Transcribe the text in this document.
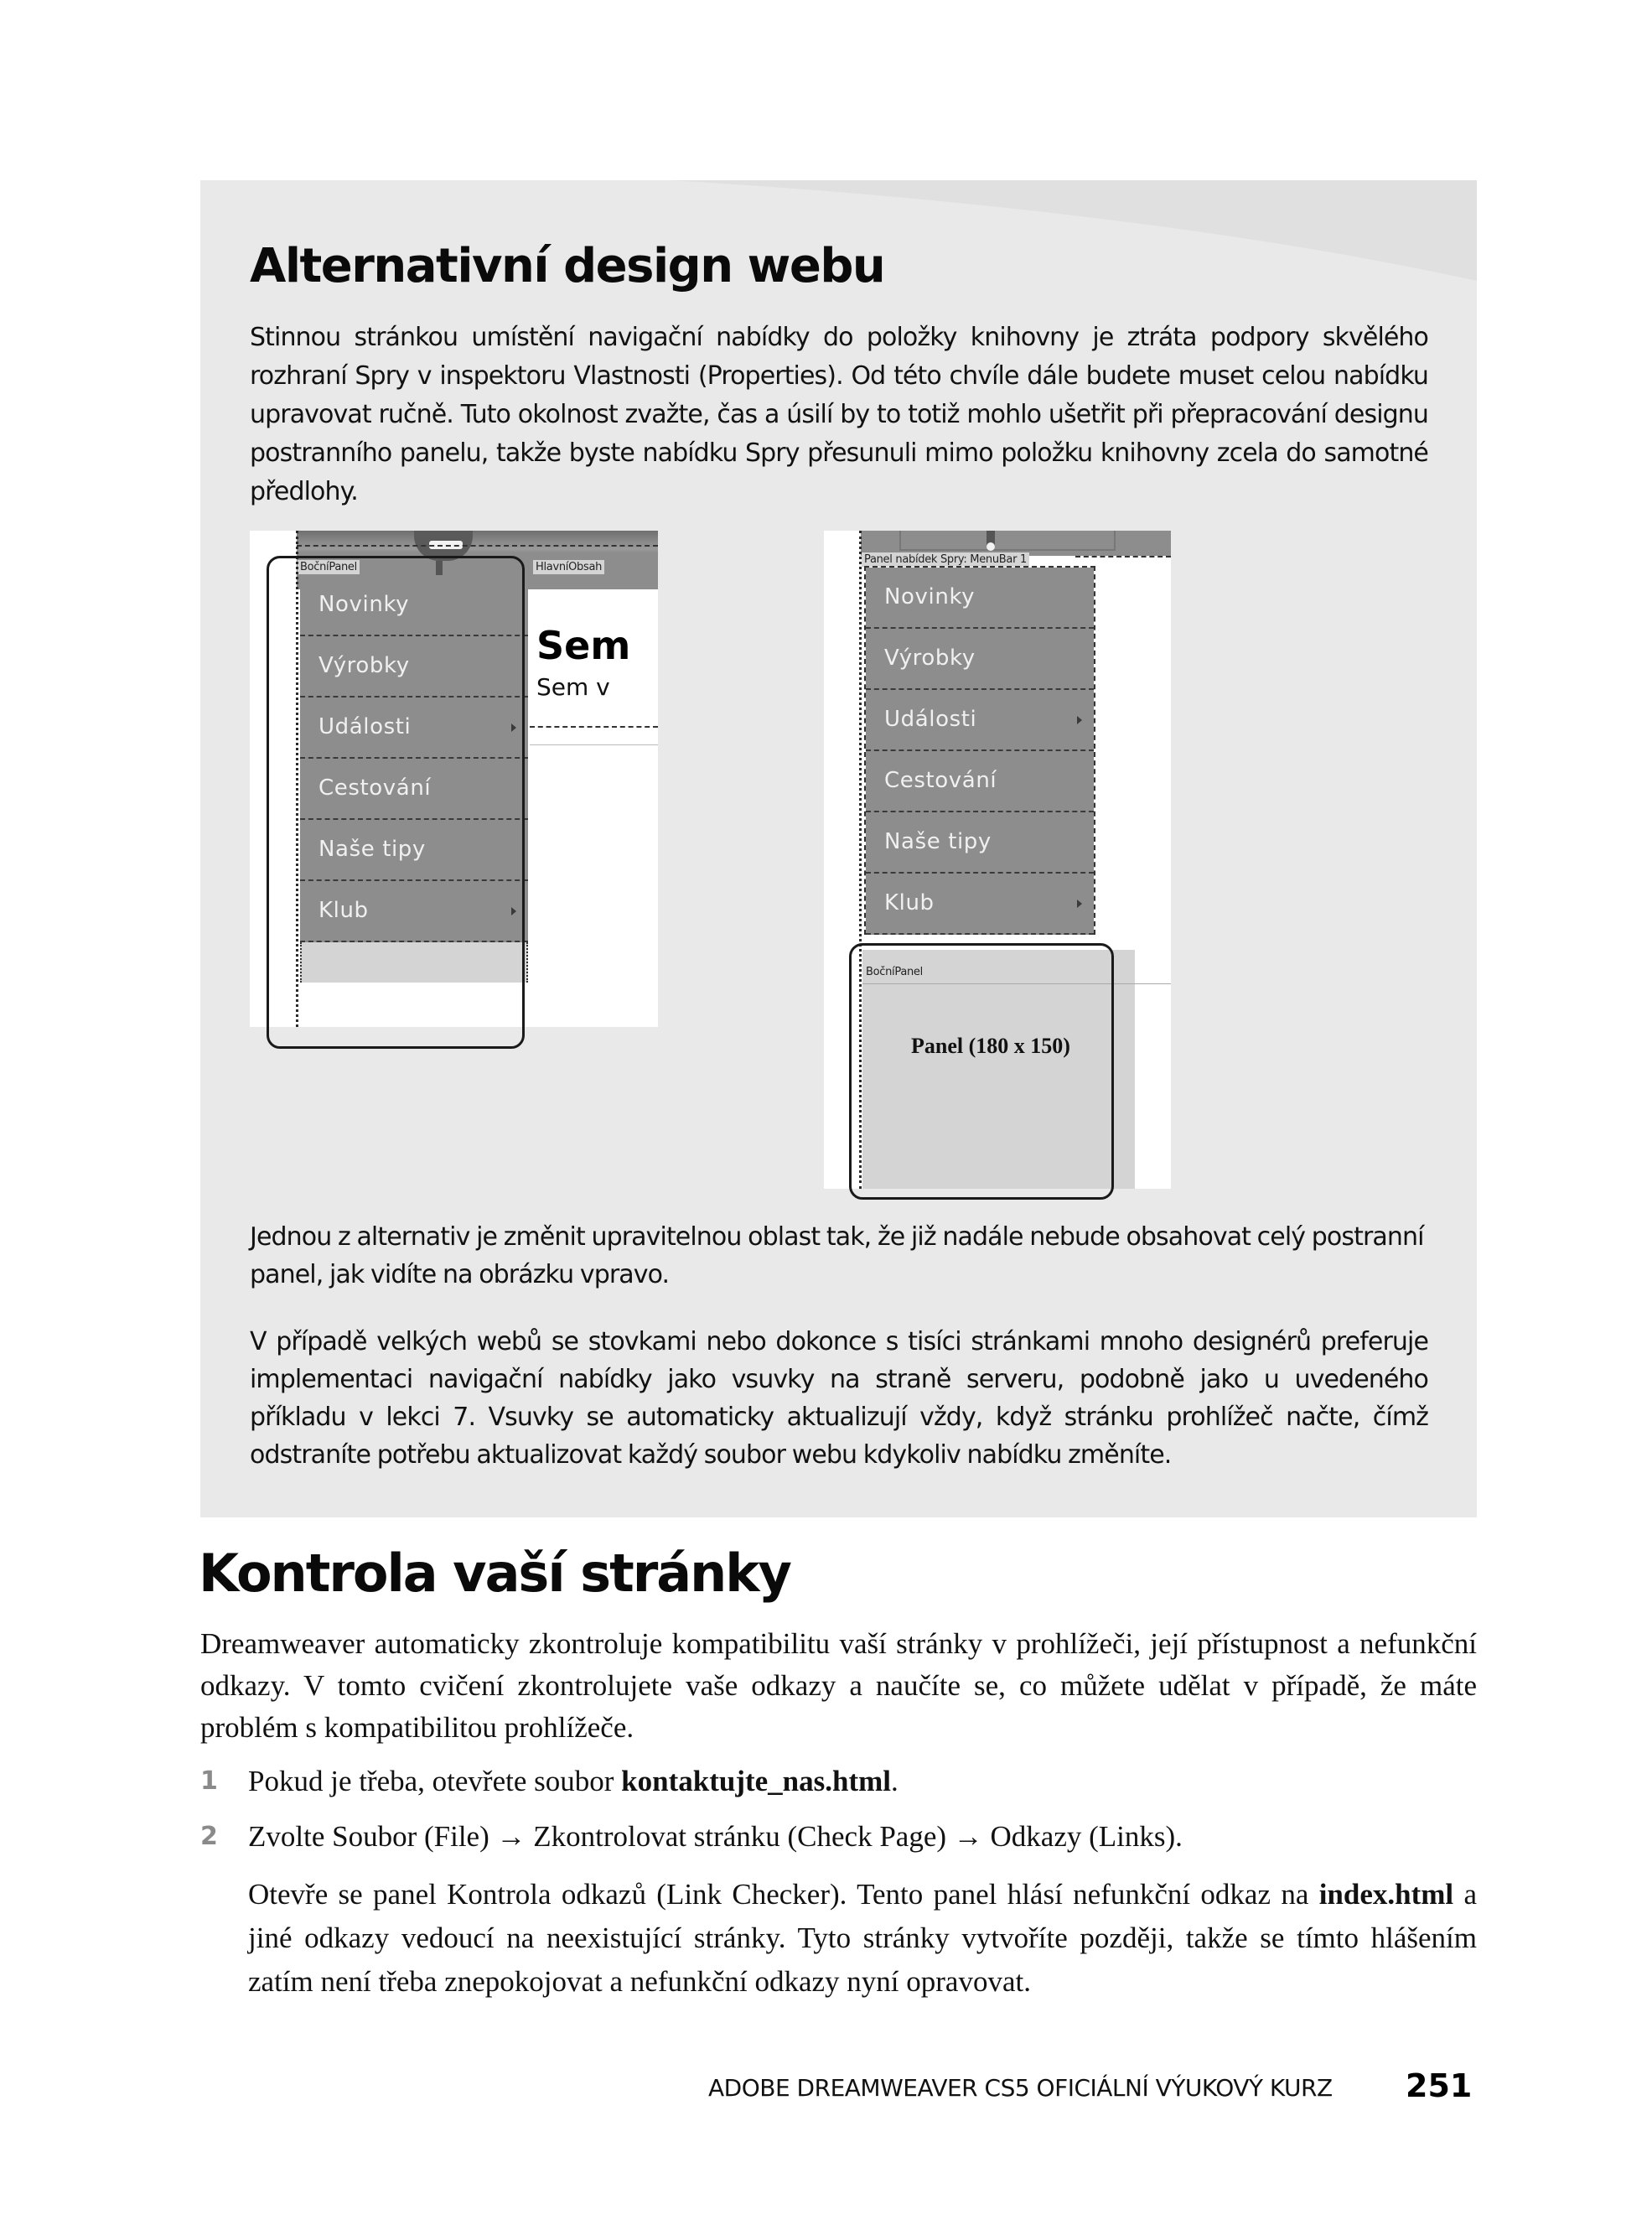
Alternativní design webu

Stinnou stránkou umístění navigační nabídky do položky knihovny je ztráta podpory skvělého rozhraní Spry v inspektoru Vlastnosti (Properties). Od této chvíle dále budete muset celou nabídku upravovat ručně. Tuto okolnost zvažte, čas a úsilí by to totiž mohlo ušetřit při přepracování designu postranního panelu, takže byste nabídku Spry přesunuli mimo položku knihovny zcela do samotné předlohy.

BočníPanel	HlavníObsah
Novinky
Výrobky
Události
Cestování
Naše tipy
Klub
Sem
Sem v
Panel nabídek Spry: MenuBar 1
Novinky
Výrobky
Události
Cestování
Naše tipy
Klub
BočníPanel
Panel (180 x 150)

Jednou z alternativ je změnit upravitelnou oblast tak, že již nadále nebude obsahovat celý postranní panel, jak vidíte na obrázku vpravo.

V případě velkých webů se stovkami nebo dokonce s tisíci stránkami mnoho designérů preferuje implementaci navigační nabídky jako vsuvky na straně serveru, podobně jako u uvedeného příkladu v lekci 7. Vsuvky se automaticky aktualizují vždy, když stránku prohlížeč načte, čímž odstraníte potřebu aktualizovat každý soubor webu kdykoliv nabídku změníte.

Kontrola vaší stránky

Dreamweaver automaticky zkontroluje kompatibilitu vaší stránky v prohlížeči, její přístupnost a nefunkční odkazy. V tomto cvičení zkontrolujete vaše odkazy a naučíte se, co můžete udělat v případě, že máte problém s kompatibilitou prohlížeče.

1 Pokud je třeba, otevřete soubor kontaktujte_nas.html.
2 Zvolte Soubor (File) → Zkontrolovat stránku (Check Page) → Odkazy (Links).

Otevře se panel Kontrola odkazů (Link Checker). Tento panel hlásí nefunkční odkaz na index.html a jiné odkazy vedoucí na neexistující stránky. Tyto stránky vytvoříte později, takže se tímto hlášením zatím není třeba znepokojovat a nefunkční odkazy nyní opravovat.

ADOBE DREAMWEAVER CS5 OFICIÁLNÍ VÝUKOVÝ KURZ 251
